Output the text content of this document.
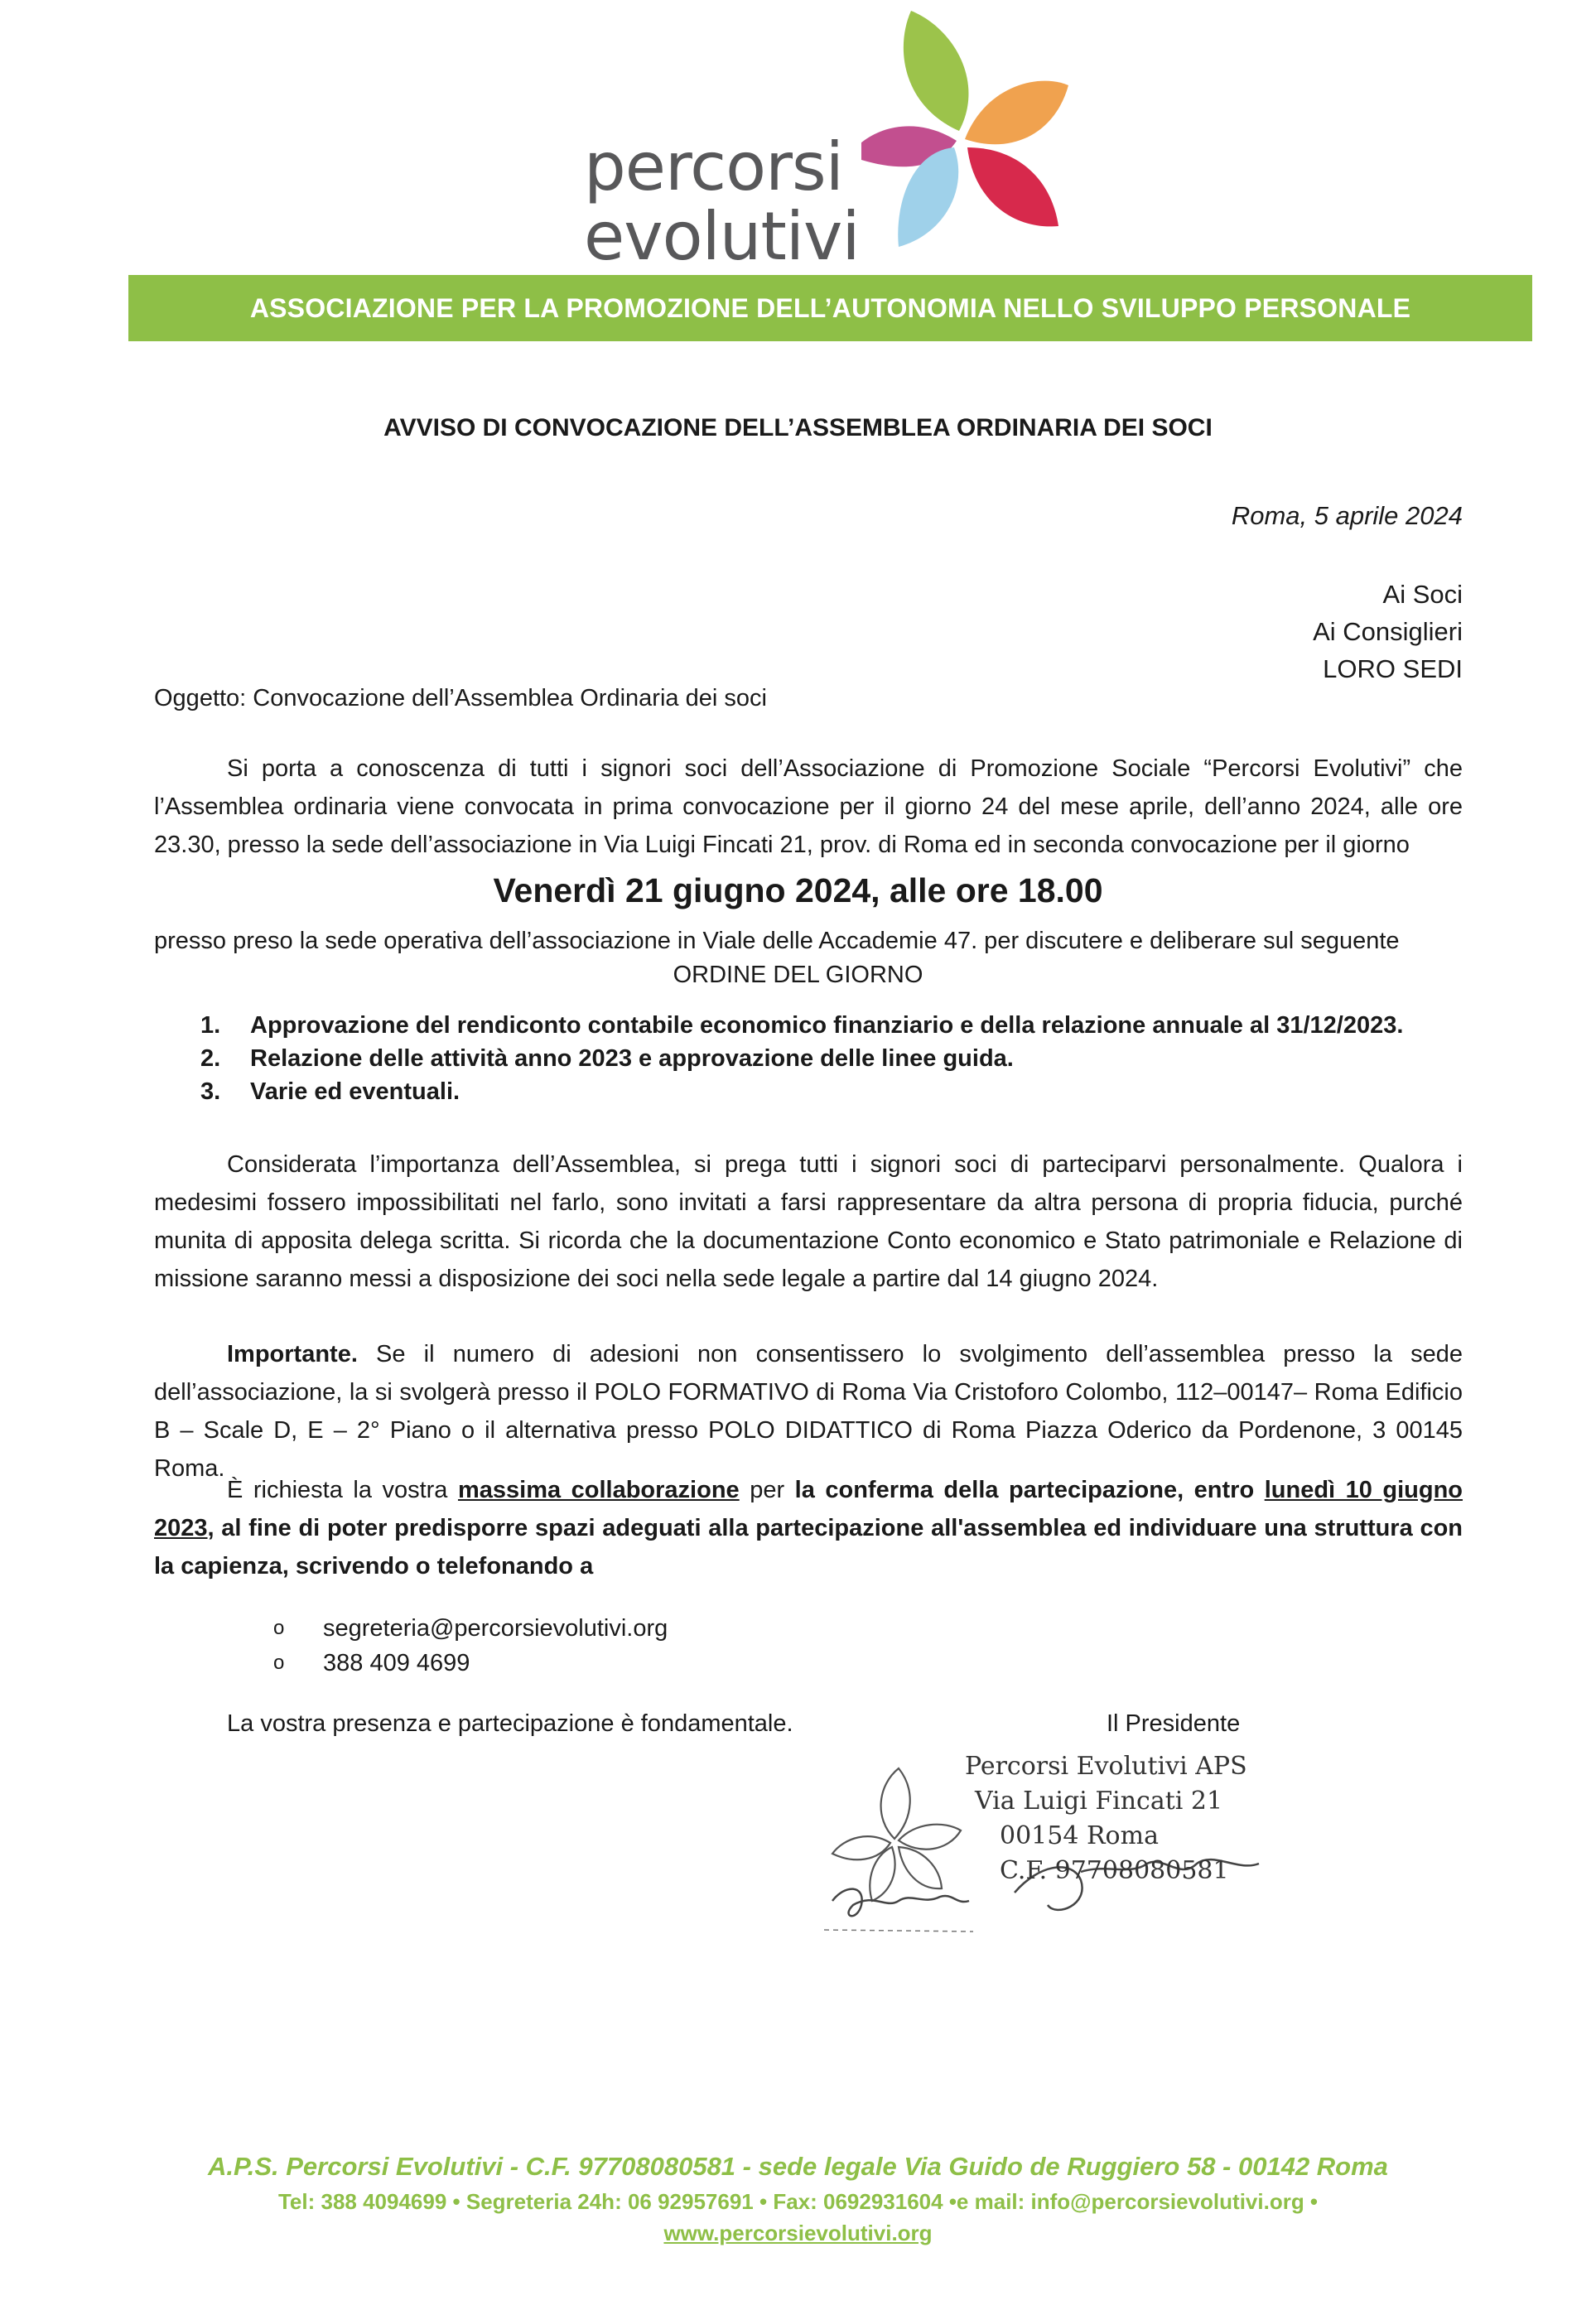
percorsi
evolutivi
ASSOCIAZIONE PER LA PROMOZIONE DELL’AUTONOMIA NELLO SVILUPPO PERSONALE
AVVISO DI CONVOCAZIONE DELL’ASSEMBLEA ORDINARIA DEI SOCI
Roma, 5 aprile 2024
Ai Soci
Ai Consiglieri
LORO SEDI
Oggetto: Convocazione dell’Assemblea Ordinaria dei soci
Si porta a conoscenza di tutti i signori soci dell’Associazione di Promozione Sociale “Percorsi Evolutivi” che l’Assemblea ordinaria viene convocata in prima convocazione per il giorno 24 del mese aprile, dell’anno 2024, alle ore 23.30, presso la sede dell’associazione in Via Luigi Fincati 21, prov. di Roma ed in seconda convocazione per il giorno
Venerdì 21 giugno 2024, alle ore 18.00
presso preso la sede operativa dell’associazione in Viale delle Accademie 47. per discutere e deliberare sul seguente
ORDINE DEL GIORNO
1.	Approvazione del rendiconto contabile economico finanziario e della relazione annuale al 31/12/2023.
2.	Relazione delle attività anno 2023 e approvazione delle linee guida.
3.	Varie ed eventuali.
Considerata l’importanza dell’Assemblea, si prega tutti i signori soci di parteciparvi personalmente. Qualora i medesimi fossero impossibilitati nel farlo, sono invitati a farsi rappresentare da altra persona di propria fiducia, purché munita di apposita delega scritta. Si ricorda che la documentazione Conto economico e Stato patrimoniale e Relazione di missione saranno messi a disposizione dei soci nella sede legale a partire dal 14 giugno 2024.
Importante. Se il numero di adesioni non consentissero lo svolgimento dell’assemblea presso la sede dell’associazione, la si svolgerà presso il POLO FORMATIVO di Roma Via Cristoforo Colombo, 112–00147– Roma Edificio B – Scale D, E – 2° Piano o il alternativa presso POLO DIDATTICO di Roma Piazza Oderico da Pordenone, 3 00145 Roma.
È richiesta la vostra massima collaborazione per la conferma della partecipazione, entro lunedì 10 giugno 2023, al fine di poter predisporre spazi adeguati alla partecipazione all'assemblea ed individuare una struttura con la capienza, scrivendo o telefonando a
o	segreteria@percorsievolutivi.org
o	388 409 4699
La vostra presenza e partecipazione è fondamentale.	Il Presidente
Percorsi Evolutivi APS
Via Luigi Fincati 21
00154 Roma
C.F. 97708080581
A.P.S. Percorsi Evolutivi - C.F. 97708080581 - sede legale Via Guido de Ruggiero 58 - 00142 Roma
Tel: 388 4094699 • Segreteria 24h: 06 92957691 • Fax: 0692931604 •e mail: info@percorsievolutivi.org •
www.percorsievolutivi.org
